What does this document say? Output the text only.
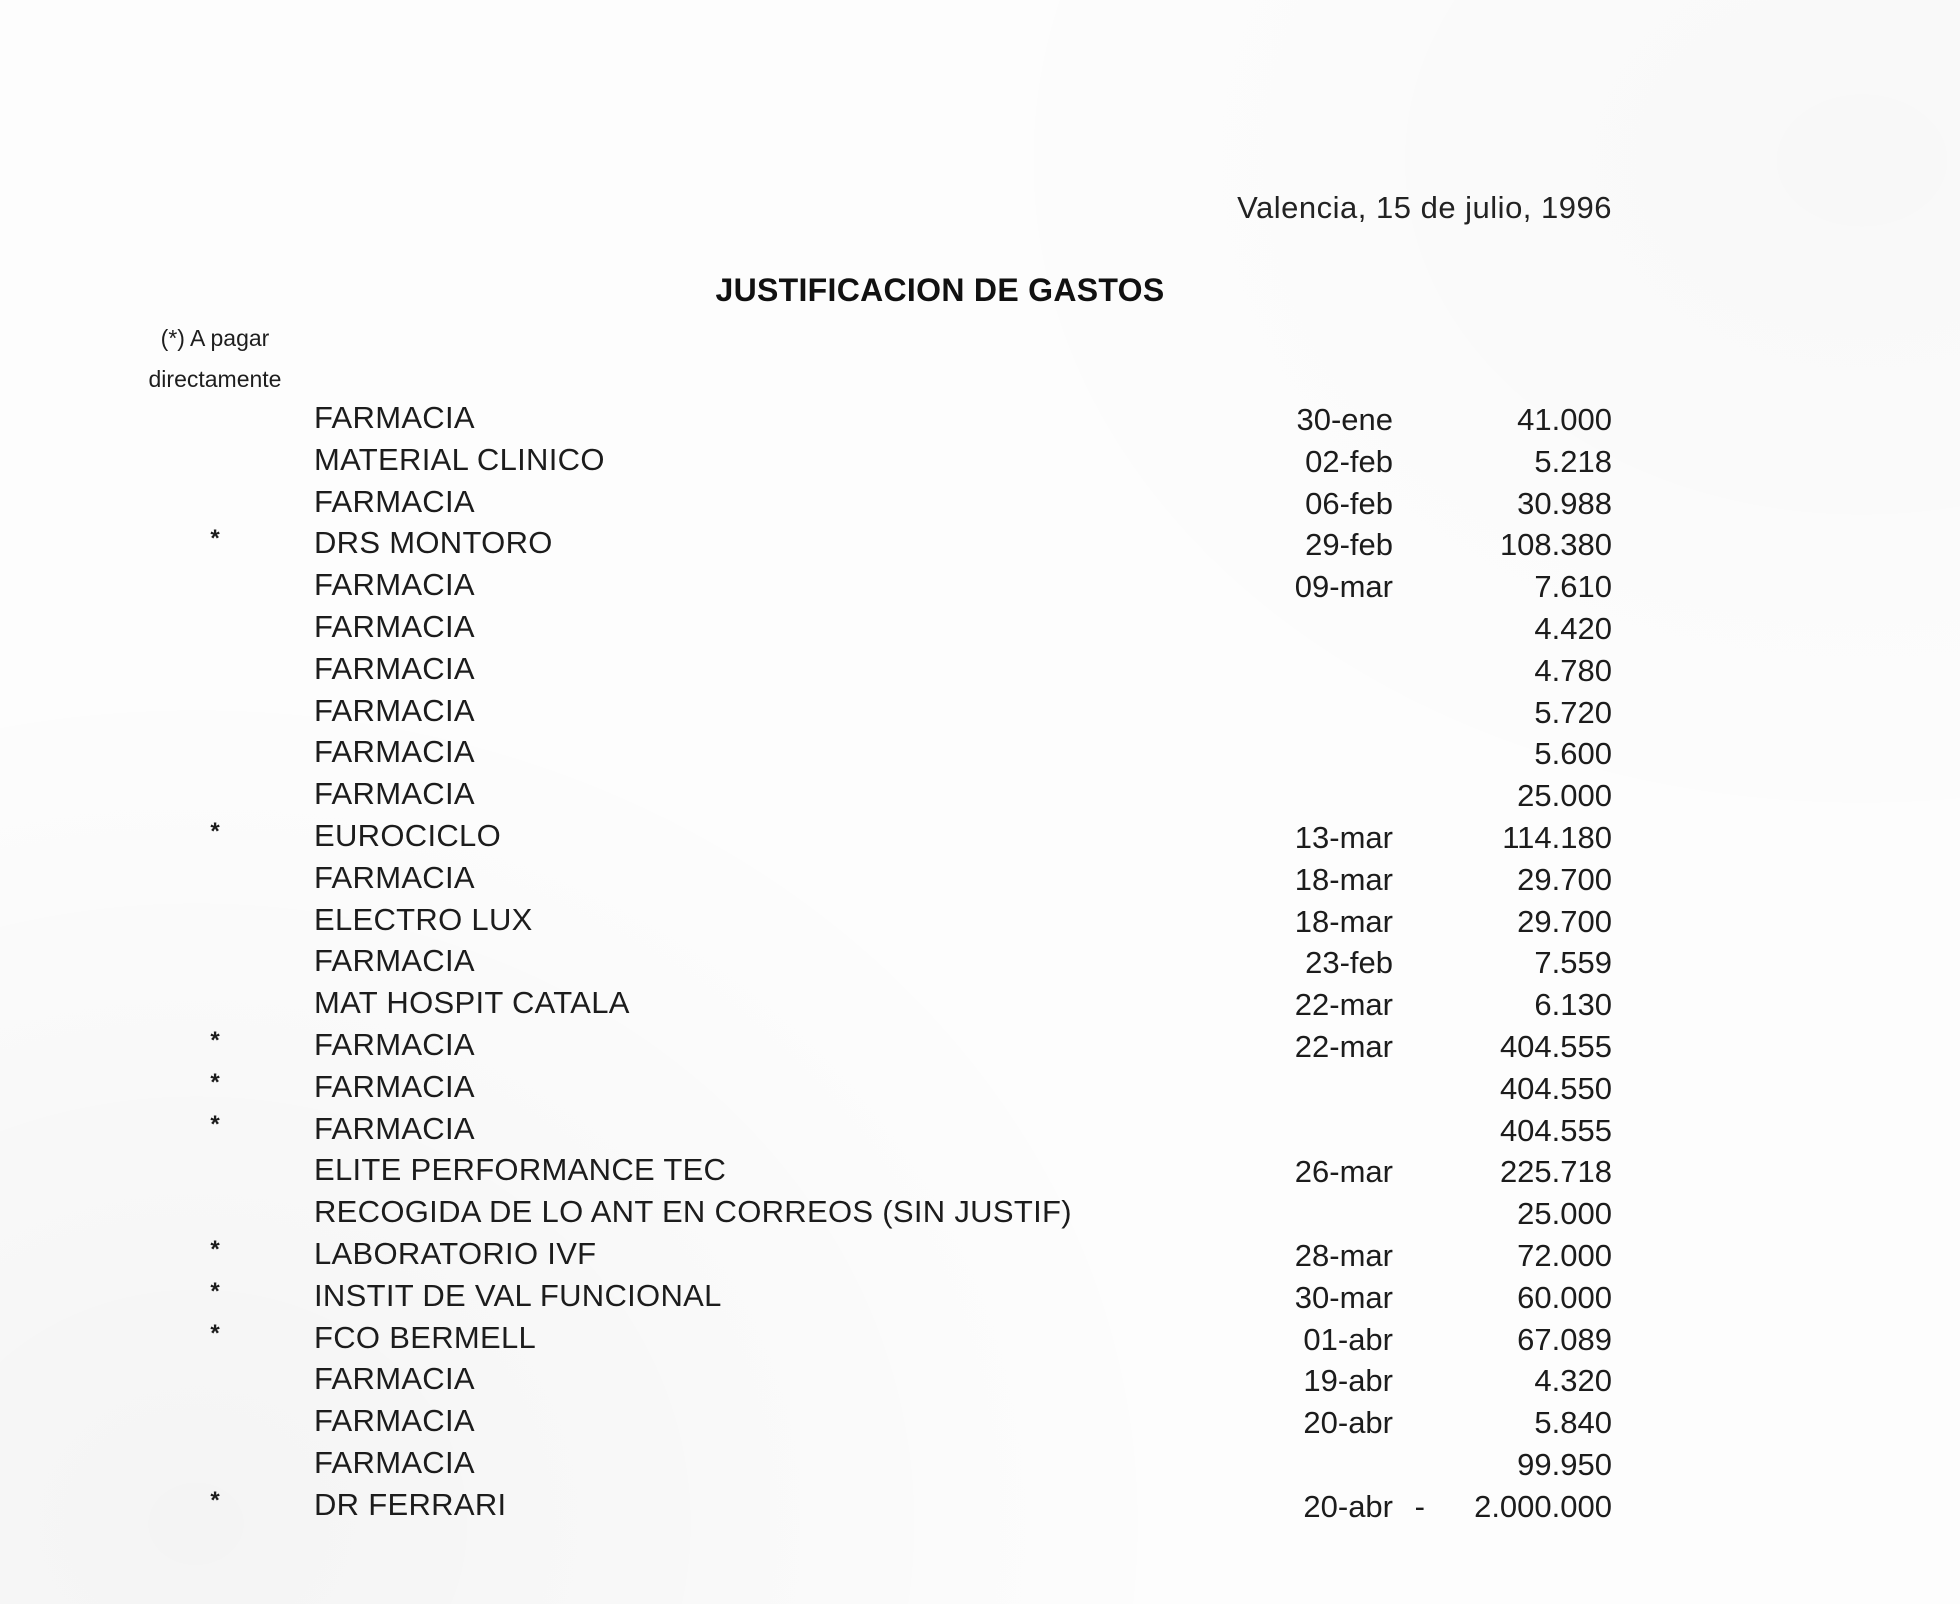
Valencia, 15 de julio, 1996
JUSTIFICACION DE GASTOS
(*) A pagar
directamente
FARMACIA	30-ene	41.000
MATERIAL CLINICO	02-feb	5.218
FARMACIA	06-feb	30.988
*	DRS MONTORO	29-feb	108.380
FARMACIA	09-mar	7.610
FARMACIA	4.420
FARMACIA	4.780
FARMACIA	5.720
FARMACIA	5.600
FARMACIA	25.000
*	EUROCICLO	13-mar	114.180
FARMACIA	18-mar	29.700
ELECTRO LUX	18-mar	29.700
FARMACIA	23-feb	7.559
MAT HOSPIT CATALA	22-mar	6.130
*	FARMACIA	22-mar	404.555
*	FARMACIA	404.550
*	FARMACIA	404.555
ELITE PERFORMANCE TEC	26-mar	225.718
RECOGIDA DE LO ANT EN CORREOS (SIN JUSTIF)	25.000
*	LABORATORIO IVF	28-mar	72.000
*	INSTIT DE VAL FUNCIONAL	30-mar	60.000
*	FCO BERMELL	01-abr	67.089
FARMACIA	19-abr	4.320
FARMACIA	20-abr	5.840
FARMACIA	99.950
*	DR FERRARI	20-abr - 2.000.000
